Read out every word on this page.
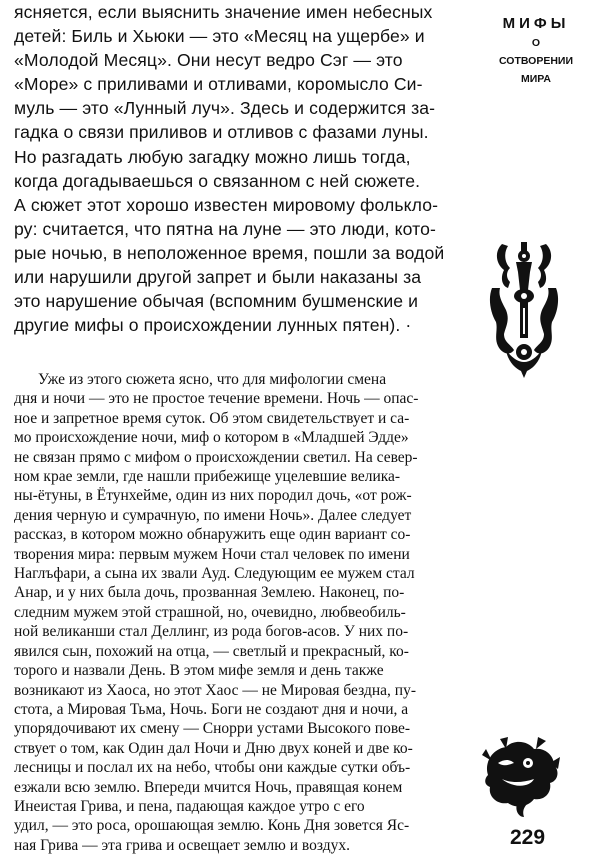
ясняется, если выяснить значение имен небесных
детей: Биль и Хьюки — это «Месяц на ущербе» и
«Молодой Месяц». Они несут ведро Сэг — это
«Море» с приливами и отливами, коромысло Си-
муль — это «Лунный луч». Здесь и содержится за-
гадка о связи приливов и отливов с фазами луны.
Но разгадать любую загадку можно лишь тогда,
когда догадываешься о связанном с ней сюжете.
А сюжет этот хорошо известен мировому фолькло-
ру: считается, что пятна на луне — это люди, кото-
рые ночью, в неположенное время, пошли за водой
или нарушили другой запрет и были наказаны за
это нарушение обычая (вспомним бушменские и
другие мифы о происхождении лунных пятен). ·
Уже из этого сюжета ясно, что для мифологии смена
дня и ночи — это не простое течение времени. Ночь — опас-
ное и запретное время суток. Об этом свидетельствует и са-
мо происхождение ночи, миф о котором в «Младшей Эдде»
не связан прямо с мифом о происхождении светил. На север-
ном крае земли, где нашли прибежище уцелевшие велика-
ны-ётуны, в Ётунхейме, один из них породил дочь, «от рож-
дения черную и сумрачную, по имени Ночь». Далее следует
рассказ, в котором можно обнаружить еще один вариант со-
творения мира: первым мужем Ночи стал человек по имени
Наглъфари, а сына их звали Ауд. Следующим ее мужем стал
Анар, и у них была дочь, прозванная Землею. Наконец, по-
следним мужем этой страшной, но, очевидно, любвеобиль-
ной великанши стал Деллинг, из рода богов-асов. У них по-
явился сын, похожий на отца, — светлый и прекрасный, ко-
торого и назвали День. В этом мифе земля и день также
возникают из Хаоса, но этот Хаос — не Мировая бездна, пу-
стота, а Мировая Тьма, Ночь. Боги не создают дня и ночи, а
упорядочивают их смену — Снорри устами Высокого пове-
ствует о том, как Один дал Ночи и Дню двух коней и две ко-
лесницы и послал их на небо, чтобы они каждые сутки объ-
езжали всю землю. Впереди мчится Ночь, правящая конем
Инеистая Грива, и пена, падающая каждое утро с его
удил, — это роса, орошающая землю. Конь Дня зовется Яс-
ная Грива — эта грива и освещает землю и воздух.
МИФЫ
О СОТВОРЕНИИ
МИРА
229
